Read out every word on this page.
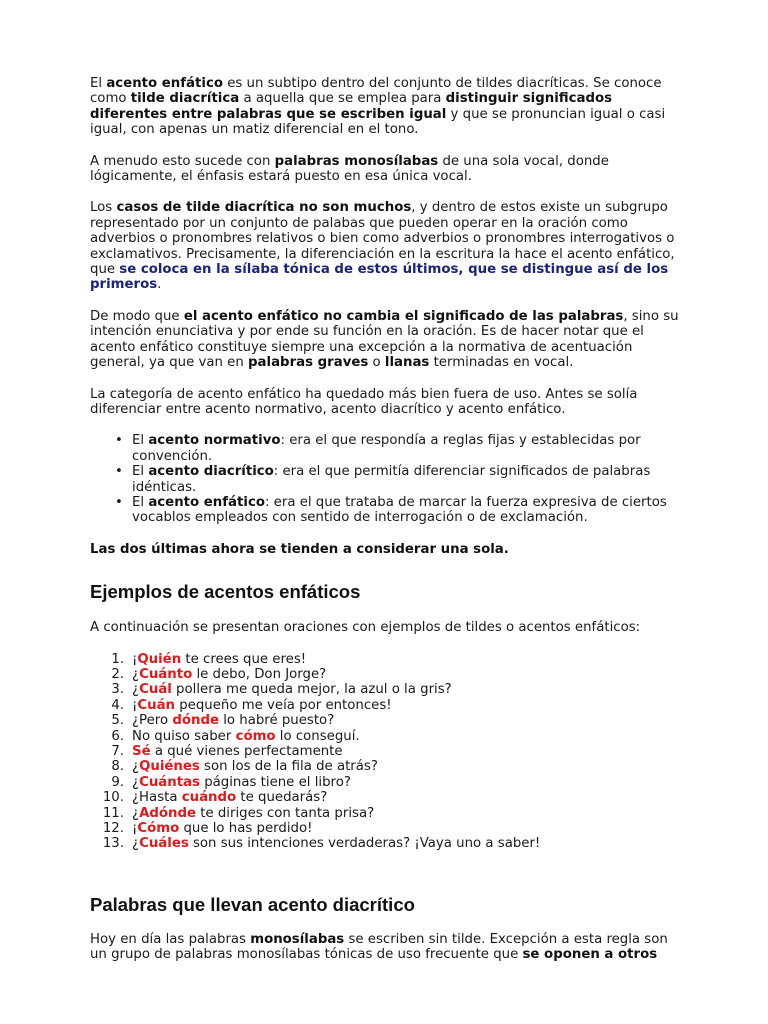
El acento enfático es un subtipo dentro del conjunto de tildes diacríticas. Se conoce como tilde diacrítica a aquella que se emplea para distinguir significados diferentes entre palabras que se escriben igual y que se pronuncian igual o casi igual, con apenas un matiz diferencial en el tono.

A menudo esto sucede con palabras monosílabas de una sola vocal, donde lógicamente, el énfasis estará puesto en esa única vocal.

Los casos de tilde diacrítica no son muchos, y dentro de estos existe un subgrupo representado por un conjunto de palabas que pueden operar en la oración como adverbios o pronombres relativos o bien como adverbios o pronombres interrogativos o exclamativos. Precisamente, la diferenciación en la escritura la hace el acento enfático, que se coloca en la sílaba tónica de estos últimos, que se distingue así de los primeros.

De modo que el acento enfático no cambia el significado de las palabras, sino su intención enunciativa y por ende su función en la oración. Es de hacer notar que el acento enfático constituye siempre una excepción a la normativa de acentuación general, ya que van en palabras graves o llanas terminadas en vocal.

La categoría de acento enfático ha quedado más bien fuera de uso. Antes se solía diferenciar entre acento normativo, acento diacrítico y acento enfático.

• El acento normativo: era el que respondía a reglas fijas y establecidas por convención.
• El acento diacrítico: era el que permitía diferenciar significados de palabras idénticas.
• El acento enfático: era el que trataba de marcar la fuerza expresiva de ciertos vocablos empleados con sentido de interrogación o de exclamación.

Las dos últimas ahora se tienden a considerar una sola.

Ejemplos de acentos enfáticos

A continuación se presentan oraciones con ejemplos de tildes o acentos enfáticos:

1. ¡Quién te crees que eres!
2. ¿Cuánto le debo, Don Jorge?
3. ¿Cuál pollera me queda mejor, la azul o la gris?
4. ¡Cuán pequeño me veía por entonces!
5. ¿Pero dónde lo habré puesto?
6. No quiso saber cómo lo conseguí.
7. Sé a qué vienes perfectamente
8. ¿Quiénes son los de la fila de atrás?
9. ¿Cuántas páginas tiene el libro?
10. ¿Hasta cuándo te quedarás?
11. ¿Adónde te diriges con tanta prisa?
12. ¡Cómo que lo has perdido!
13. ¿Cuáles son sus intenciones verdaderas? ¡Vaya uno a saber!
Palabras que llevan acento diacrítico

Hoy en día las palabras monosílabas se escriben sin tilde. Excepción a esta regla son un grupo de palabras monosílabas tónicas de uso frecuente que se oponen a otros
